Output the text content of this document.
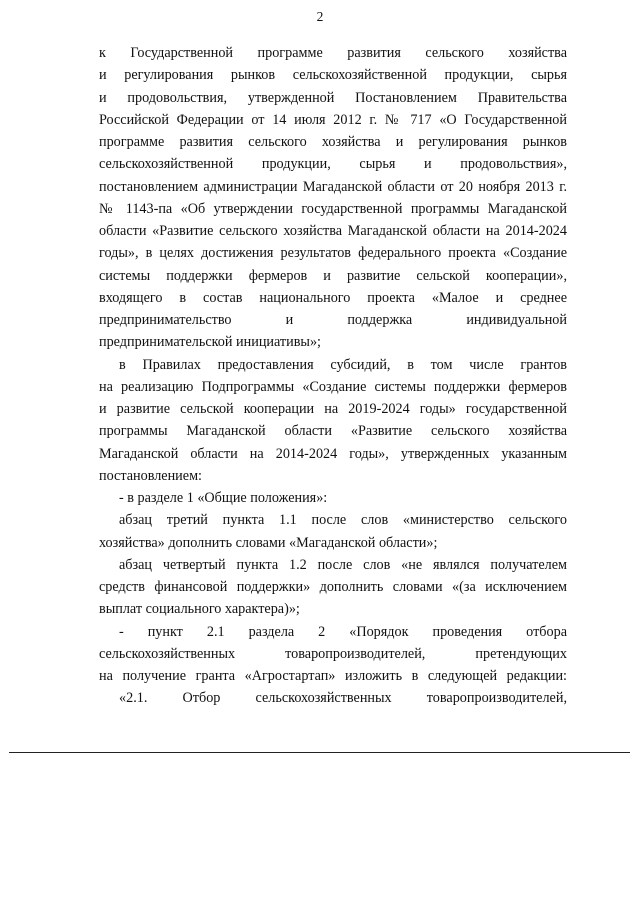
2
к Государственной программе развития сельского хозяйства
и регулирования рынков сельскохозяйственной продукции, сырья
и продовольствия, утвержденной Постановлением Правительства
Российской Федерации от 14 июля 2012 г. № 717 «О Государственной
программе развития сельского хозяйства и регулирования рынков
сельскохозяйственной продукции, сырья и продовольствия»,
постановлением администрации Магаданской области от 20 ноября 2013 г.
№ 1143-па «Об утверждении государственной программы Магаданской
области «Развитие сельского хозяйства Магаданской области на 2014-2024
годы», в целях достижения результатов федерального проекта «Создание
системы поддержки фермеров и развитие сельской кооперации»,
входящего в состав национального проекта «Малое и среднее
предпринимательство и поддержка индивидуальной
предпринимательской инициативы»;
в Правилах предоставления субсидий, в том числе грантов
на реализацию Подпрограммы «Создание системы поддержки фермеров
и развитие сельской кооперации на 2019-2024 годы» государственной
программы Магаданской области «Развитие сельского хозяйства
Магаданской области на 2014-2024 годы», утвержденных указанным
постановлением:
- в разделе 1 «Общие положения»:
абзац третий пункта 1.1 после слов «министерство сельского
хозяйства» дополнить словами «Магаданской области»;
абзац четвертый пункта 1.2 после слов «не являлся получателем
средств финансовой поддержки» дополнить словами «(за исключением
выплат социального характера)»;
- пункт 2.1 раздела 2 «Порядок проведения отбора
сельскохозяйственных товаропроизводителей, претендующих
на получение гранта «Агростартап» изложить в следующей редакции:
«2.1. Отбор сельскохозяйственных товаропроизводителей,
